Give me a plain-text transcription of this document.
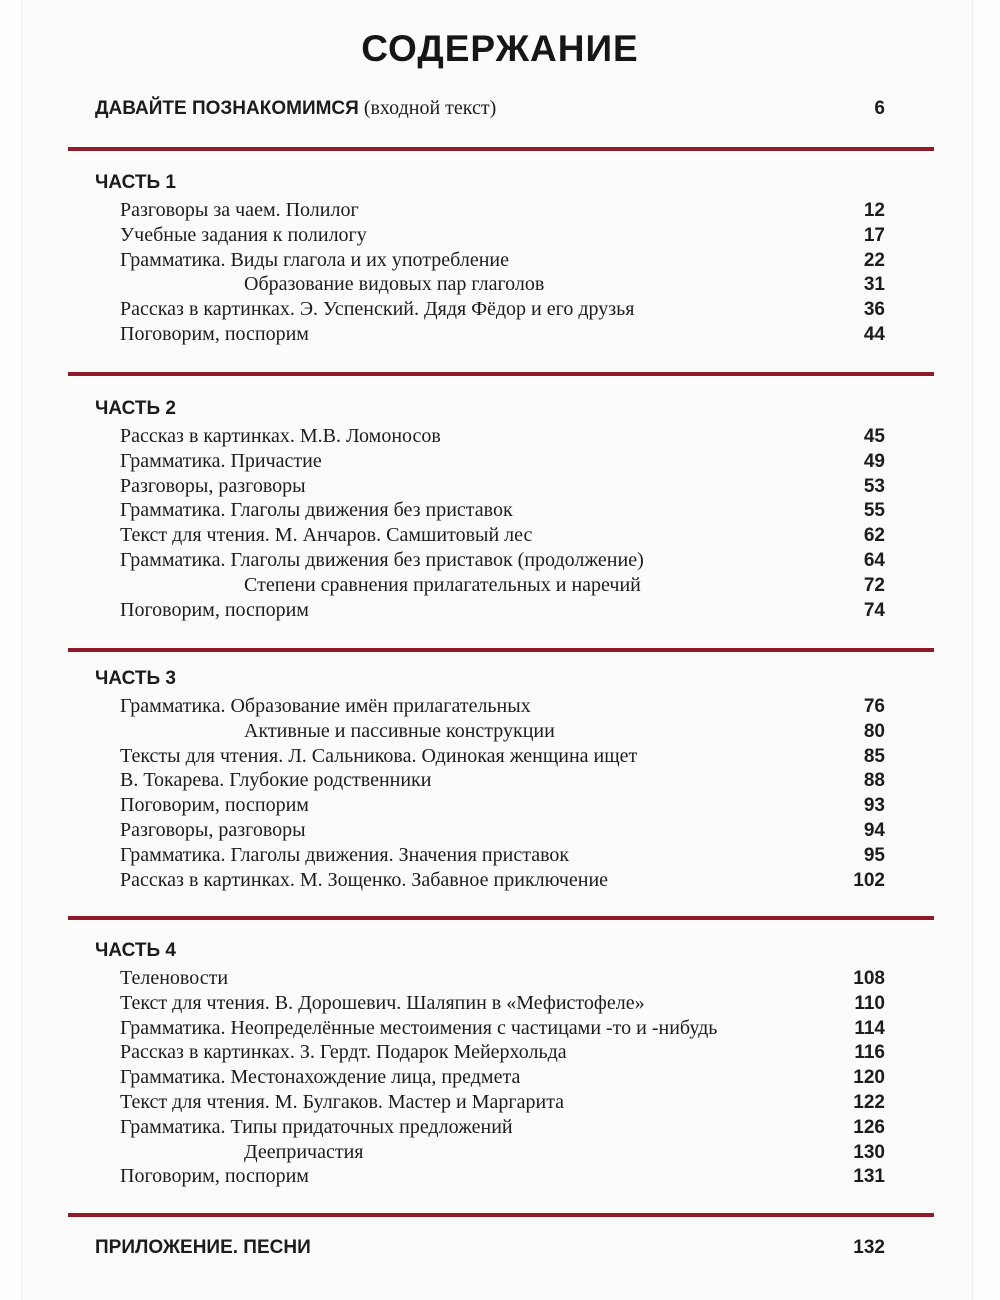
СОДЕРЖАНИЕ
ДАВАЙТЕ ПОЗНАКОМИМСЯ (входной текст)	6
ЧАСТЬ 1
Разговоры за чаем. Полилог	12
Учебные задания к полилогу	17
Грамматика. Виды глагола и их употребление	22
Образование видовых пар глаголов	31
Рассказ в картинках. Э. Успенский. Дядя Фёдор и его друзья	36
Поговорим, поспорим	44
ЧАСТЬ 2
Рассказ в картинках. М.В. Ломоносов	45
Грамматика. Причастие	49
Разговоры, разговоры	53
Грамматика. Глаголы движения без приставок	55
Текст для чтения. М. Анчаров. Самшитовый лес	62
Грамматика. Глаголы движения без приставок (продолжение)	64
Степени сравнения прилагательных и наречий	72
Поговорим, поспорим	74
ЧАСТЬ 3
Грамматика. Образование имён прилагательных	76
Активные и пассивные конструкции	80
Тексты для чтения. Л. Сальникова. Одинокая женщина ищет	85
В. Токарева. Глубокие родственники	88
Поговорим, поспорим	93
Разговоры, разговоры	94
Грамматика. Глаголы движения. Значения приставок	95
Рассказ в картинках. М. Зощенко. Забавное приключение	102
ЧАСТЬ 4
Теленовости	108
Текст для чтения. В. Дорошевич. Шаляпин в «Мефистофеле»	110
Грамматика. Неопределённые местоимения с частицами -то и -нибудь	114
Рассказ в картинках. З. Гердт. Подарок Мейерхольда	116
Грамматика. Местонахождение лица, предмета	120
Текст для чтения. М. Булгаков. Мастер и Маргарита	122
Грамматика. Типы придаточных предложений	126
Деепричастия	130
Поговорим, поспорим	131
ПРИЛОЖЕНИЕ. ПЕСНИ	132
